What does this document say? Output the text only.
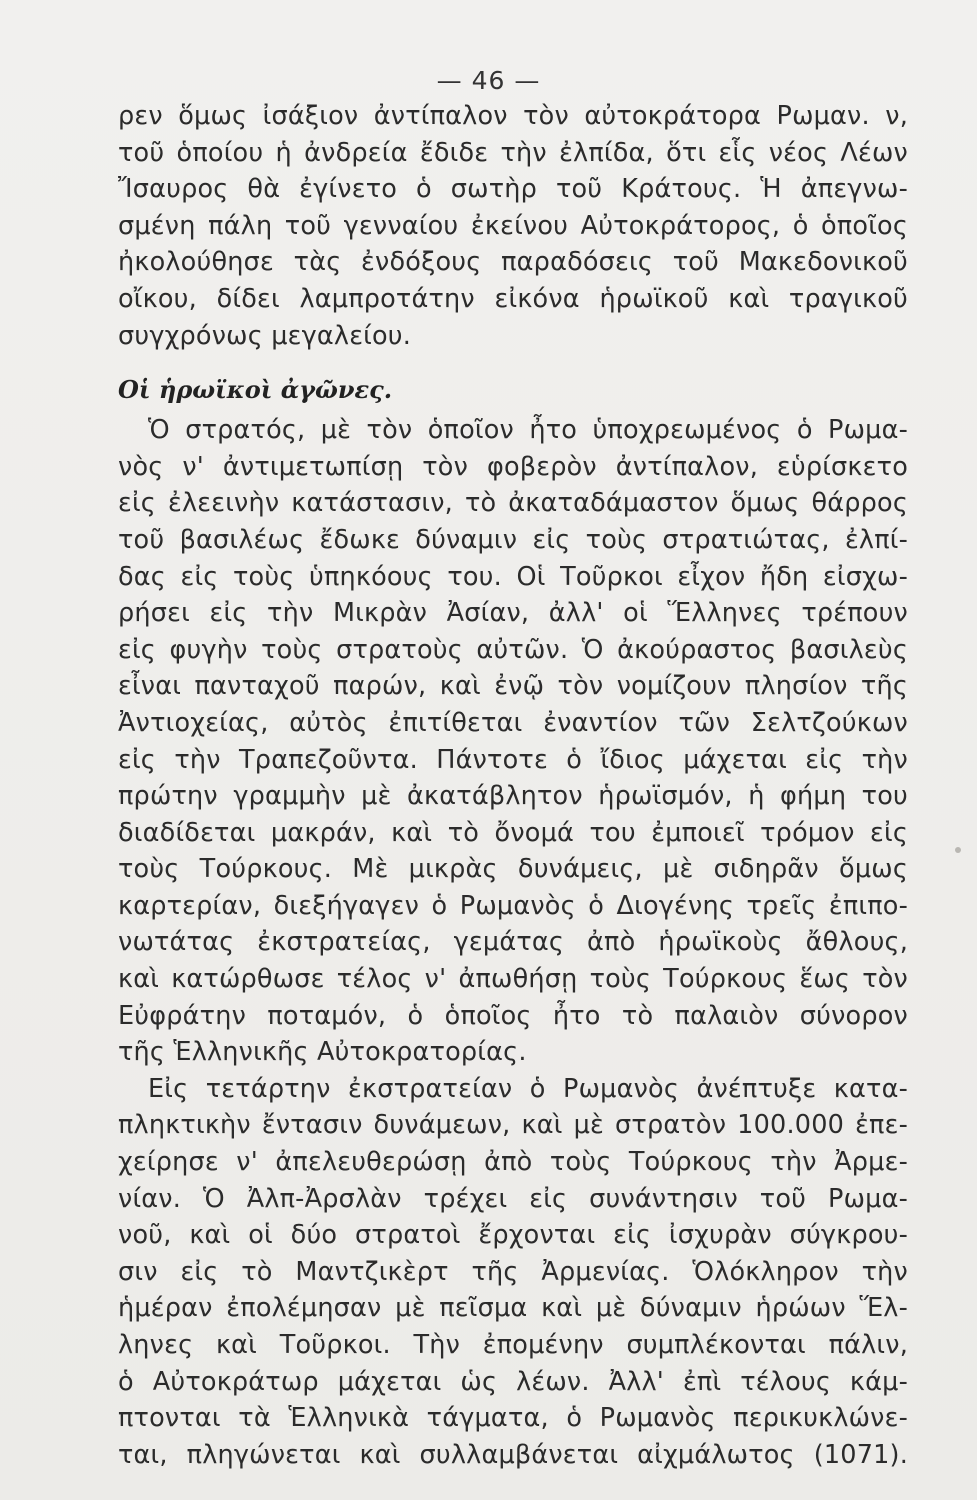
— 46 —
ρεν ὅμως ἰσάξιον ἀντίπαλον τὸν αὐτοκράτορα Ρωμαν. ν,
τοῦ ὁποίου ἡ ἀνδρεία ἔδιδε τὴν ἐλπίδα, ὅτι εἷς νέος Λέων
Ἴσαυρος θὰ ἐγίνετο ὁ σωτὴρ τοῦ Κράτους. Ἡ ἀπεγνω-
σμένη πάλη τοῦ γενναίου ἐκείνου Αὐτοκράτορος, ὁ ὁποῖος
ἠκολούθησε τὰς ἐνδόξους παραδόσεις τοῦ Μακεδονικοῦ
οἴκου, δίδει λαμπροτάτην εἰκόνα ἡρωϊκοῦ καὶ τραγικοῦ
συγχρόνως μεγαλείου.
Οἱ ἡρωϊκοὶ ἀγῶνες.
Ὁ στρατός, μὲ τὸν ὁποῖον ἦτο ὑποχρεωμένος ὁ Ρωμα-
νὸς ν' ἀντιμετωπίσῃ τὸν φοβερὸν ἀντίπαλον, εὑρίσκετο
εἰς ἐλεεινὴν κατάστασιν, τὸ ἀκαταδάμαστον ὅμως θάρρος
τοῦ βασιλέως ἔδωκε δύναμιν εἰς τοὺς στρατιώτας, ἐλπί-
δας εἰς τοὺς ὑπηκόους του. Οἱ Τοῦρκοι εἶχον ἤδη εἰσχω-
ρήσει εἰς τὴν Μικρὰν Ἀσίαν, ἀλλ' οἱ Ἕλληνες τρέπουν
εἰς φυγὴν τοὺς στρατοὺς αὐτῶν. Ὁ ἀκούραστος βασιλεὺς
εἶναι πανταχοῦ παρών, καὶ ἐνῷ τὸν νομίζουν πλησίον τῆς
Ἀντιοχείας, αὐτὸς ἐπιτίθεται ἐναντίον τῶν Σελτζούκων
εἰς τὴν Τραπεζοῦντα. Πάντοτε ὁ ἴδιος μάχεται εἰς τὴν
πρώτην γραμμὴν μὲ ἀκατάβλητον ἡρωϊσμόν, ἡ φήμη του
διαδίδεται μακράν, καὶ τὸ ὄνομά του ἐμποιεῖ τρόμον εἰς
τοὺς Τούρκους. Μὲ μικρὰς δυνάμεις, μὲ σιδηρᾶν ὅμως
καρτερίαν, διεξήγαγεν ὁ Ρωμανὸς ὁ Διογένης τρεῖς ἐπιπο-
νωτάτας ἐκστρατείας, γεμάτας ἀπὸ ἡρωϊκοὺς ἄθλους,
καὶ κατώρθωσε τέλος ν' ἀπωθήσῃ τοὺς Τούρκους ἕως τὸν
Εὐφράτην ποταμόν, ὁ ὁποῖος ἦτο τὸ παλαιὸν σύνορον
τῆς Ἑλληνικῆς Αὐτοκρατορίας.
Εἰς τετάρτην ἐκστρατείαν ὁ Ρωμανὸς ἀνέπτυξε κατα-
πληκτικὴν ἔντασιν δυνάμεων, καὶ μὲ στρατὸν 100.000 ἐπε-
χείρησε ν' ἀπελευθερώσῃ ἀπὸ τοὺς Τούρκους τὴν Ἀρμε-
νίαν. Ὁ Ἀλπ-Ἀρσλὰν τρέχει εἰς συνάντησιν τοῦ Ρωμα-
νοῦ, καὶ οἱ δύο στρατοὶ ἔρχονται εἰς ἰσχυρὰν σύγκρου-
σιν εἰς τὸ Μαντζικὲρτ τῆς Ἀρμενίας. Ὁλόκληρον τὴν
ἡμέραν ἐπολέμησαν μὲ πεῖσμα καὶ μὲ δύναμιν ἡρώων Ἕλ-
ληνες καὶ Τοῦρκοι. Τὴν ἐπομένην συμπλέκονται πάλιν,
ὁ Αὐτοκράτωρ μάχεται ὡς λέων. Ἀλλ' ἐπὶ τέλους κάμ-
πτονται τὰ Ἑλληνικὰ τάγματα, ὁ Ρωμανὸς περικυκλώνε-
ται, πληγώνεται καὶ συλλαμβάνεται αἰχμάλωτος (1071).
